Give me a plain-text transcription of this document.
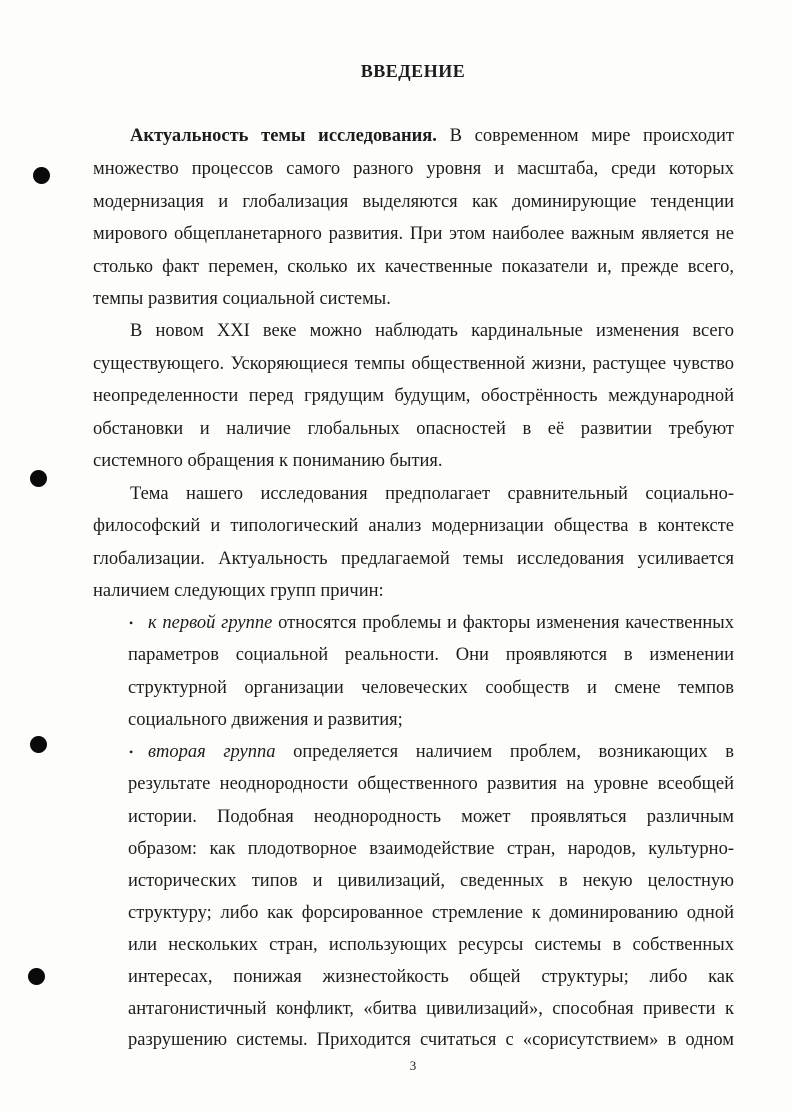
ВВЕДЕНИЕ
Актуальность темы исследования. В современном мире происходит
множество процессов самого разного уровня и масштаба, среди которых
модернизация и глобализация выделяются как доминирующие тенденции
мирового общепланетарного развития. При этом наиболее важным является не
столько факт перемен, сколько их качественные показатели и, прежде всего,
темпы развития социальной системы.
В новом XXI веке можно наблюдать кардинальные изменения всего
существующего. Ускоряющиеся темпы общественной жизни, растущее чувство
неопределенности перед грядущим будущим, обострённость международной
обстановки и наличие глобальных опасностей в её развитии требуют
системного обращения к пониманию бытия.
Тема нашего исследования предполагает сравнительный социально-
философский и типологический анализ модернизации общества в контексте
глобализации. Актуальность предлагаемой темы исследования усиливается
наличием следующих групп причин:
• к первой группе относятся проблемы и факторы изменения качественных
параметров социальной реальности. Они проявляются в изменении
структурной организации человеческих сообществ и смене темпов
социального движения и развития;
• вторая группа определяется наличием проблем, возникающих в
результате неоднородности общественного развития на уровне всеобщей
истории. Подобная неоднородность может проявляться различным
образом: как плодотворное взаимодействие стран, народов, культурно-
исторических типов и цивилизаций, сведенных в некую целостную
структуру; либо как форсированное стремление к доминированию одной
или нескольких стран, использующих ресурсы системы в собственных
интересах, понижая жизнестойкость общей структуры; либо как
антагонистичный конфликт, «битва цивилизаций», способная привести к
разрушению системы. Приходится считаться с «сорисутствием» в одном
3
